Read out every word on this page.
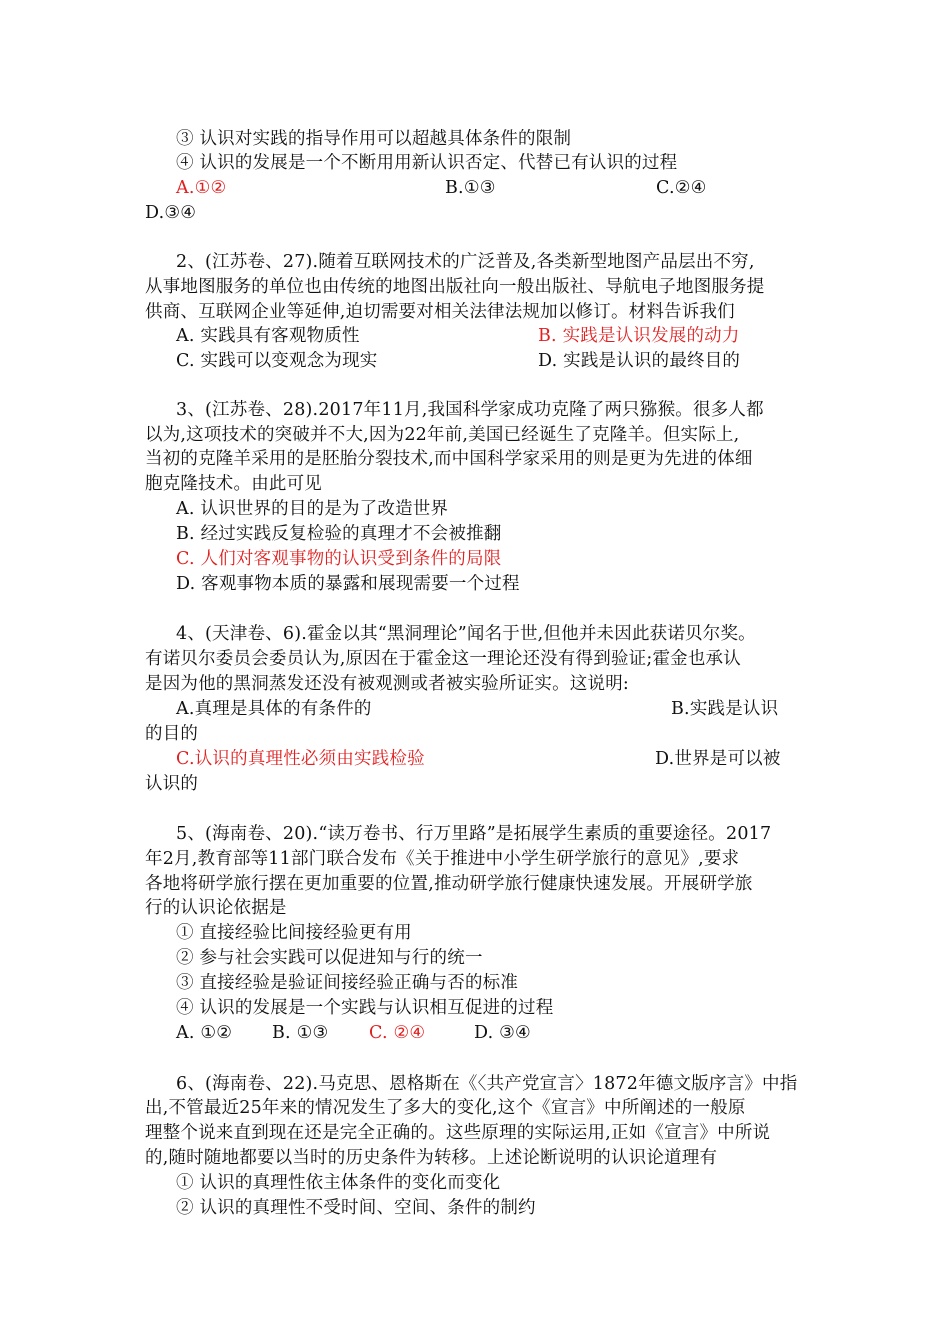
③ 认识对实践的指导作用可以超越具体条件的限制
④ 认识的发展是一个不断用用新认识否定、代替已有认识的过程
A.①②	B.①③	C.②④
D.③④
2、(江苏卷、27).随着互联网技术的广泛普及,各类新型地图产品层出不穷,
从事地图服务的单位也由传统的地图出版社向一般出版社、导航电子地图服务提
供商、互联网企业等延伸,迫切需要对相关法律法规加以修订。材料告诉我们
A. 实践具有客观物质性	B. 实践是认识发展的动力
C. 实践可以变观念为现实	D. 实践是认识的最终目的
3、(江苏卷、28).2017年11月,我国科学家成功克隆了两只猕猴。很多人都
以为,这项技术的突破并不大,因为22年前,美国已经诞生了克隆羊。但实际上,
当初的克隆羊采用的是胚胎分裂技术,而中国科学家采用的则是更为先进的体细
胞克隆技术。由此可见
A. 认识世界的目的是为了改造世界
B. 经过实践反复检验的真理才不会被推翻
C. 人们对客观事物的认识受到条件的局限
D. 客观事物本质的暴露和展现需要一个过程
4、(天津卷、6).霍金以其“黑洞理论”闻名于世,但他并未因此获诺贝尔奖。
有诺贝尔委员会委员认为,原因在于霍金这一理论还没有得到验证;霍金也承认
是因为他的黑洞蒸发还没有被观测或者被实验所证实。这说明:
A.真理是具体的有条件的	B.实践是认识
的目的
C.认识的真理性必须由实践检验	D.世界是可以被
认识的
5、(海南卷、20).“读万卷书、行万里路”是拓展学生素质的重要途径。2017
年2月,教育部等11部门联合发布《关于推进中小学生研学旅行的意见》,要求
各地将研学旅行摆在更加重要的位置,推动研学旅行健康快速发展。开展研学旅
行的认识论依据是
① 直接经验比间接经验更有用
② 参与社会实践可以促进知与行的统一
③ 直接经验是验证间接经验正确与否的标准
④ 认识的发展是一个实践与认识相互促进的过程
A. ①② B. ①③ C. ②④	D. ③④
6、(海南卷、22).马克思、恩格斯在《〈共产党宣言〉1872年德文版序言》中指
出,不管最近25年来的情况发生了多大的变化,这个《宣言》中所阐述的一般原
理整个说来直到现在还是完全正确的。这些原理的实际运用,正如《宣言》中所说
的,随时随地都要以当时的历史条件为转移。上述论断说明的认识论道理有
① 认识的真理性依主体条件的变化而变化
② 认识的真理性不受时间、空间、条件的制约
